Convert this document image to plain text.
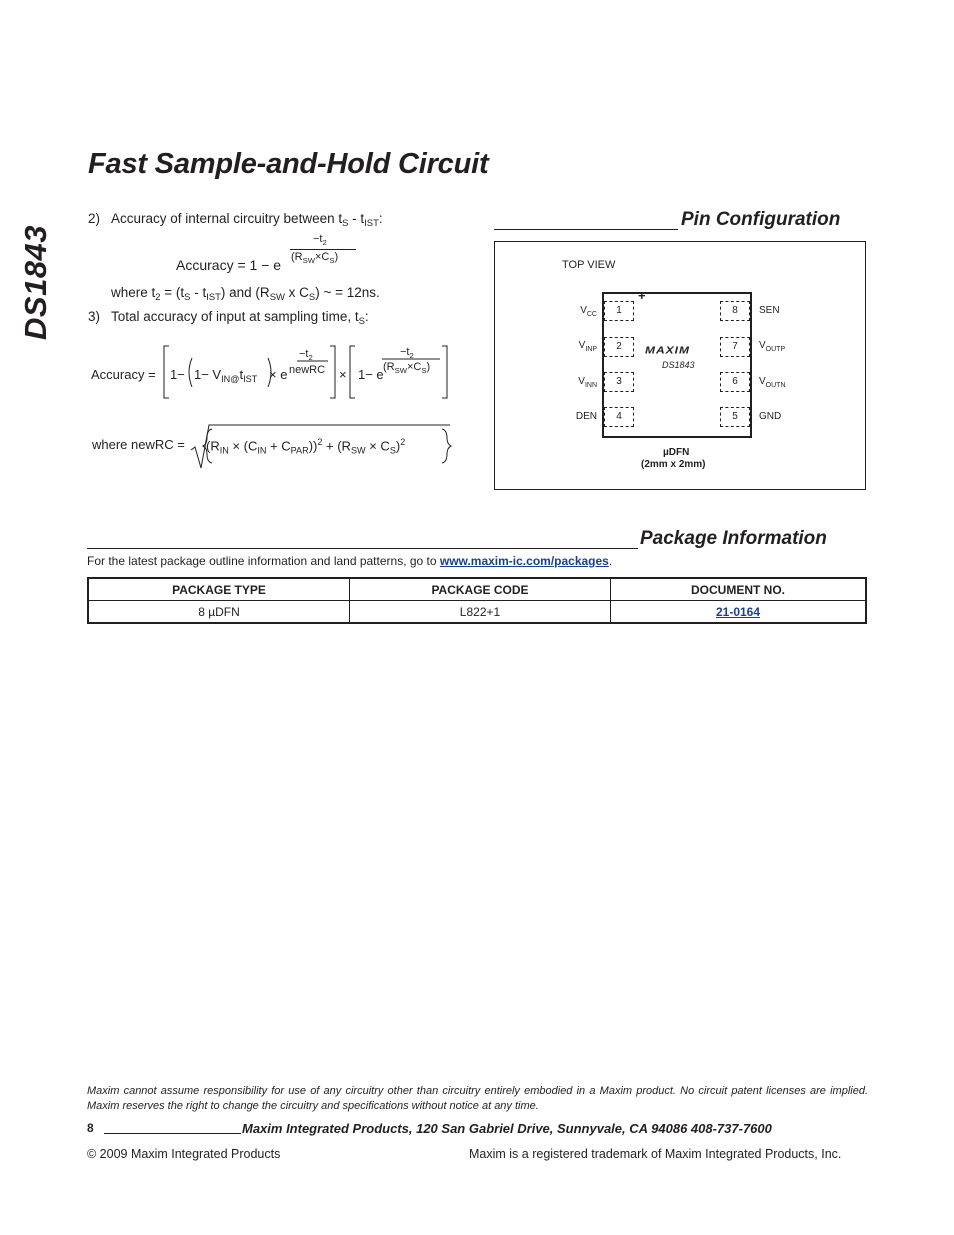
Fast Sample-and-Hold Circuit
DS1843
2) Accuracy of internal circuitry between $t_S - t_{IST}$:
Accuracy = 1 − e
$-t_2$
$(R_{SW}\times C_S)$
where $t_2 = (t_S - t_{IST})$ and ($R_{SW}$ x $C_S$) ~ = 12ns.
3) Total accuracy of input at sampling time, $t_S$:
Accuracy = $1- 1- V_{IN@}t_{IST} \times e$
$-t_2$
newRC × 1− e
$-t_2$
$(R_{SW}\times C_S)$
where newRC = $(R_{IN} \times (C_{IN} + C_{PAR}))^2 + (R_{SW} \times C_S)^2$
Pin Configuration
TOP VIEW
+
MAXIM
DS1843
1
2
3
4
8
7
6
5
$V_{CC}$
$V_{INP}$
$V_{INN}$
DEN
SEN
$V_{OUTP}$
$V_{OUTN}$
GND
µDFN
(2mm x 2mm)
Package Information
For the latest package outline information and land patterns, go to www.maxim-ic.com/packages.
PACKAGE TYPE	PACKAGE CODE	DOCUMENT NO.
8 µDFN	L822+1	21-0164
Maxim cannot assume responsibility for use of any circuitry other than circuitry entirely embodied in a Maxim product. No circuit patent licenses are implied. Maxim reserves the right to change the circuitry and specifications without notice at any time.
8	Maxim Integrated Products, 120 San Gabriel Drive, Sunnyvale, CA 94086 408-737-7600
© 2009 Maxim Integrated Products	Maxim is a registered trademark of Maxim Integrated Products, Inc.
